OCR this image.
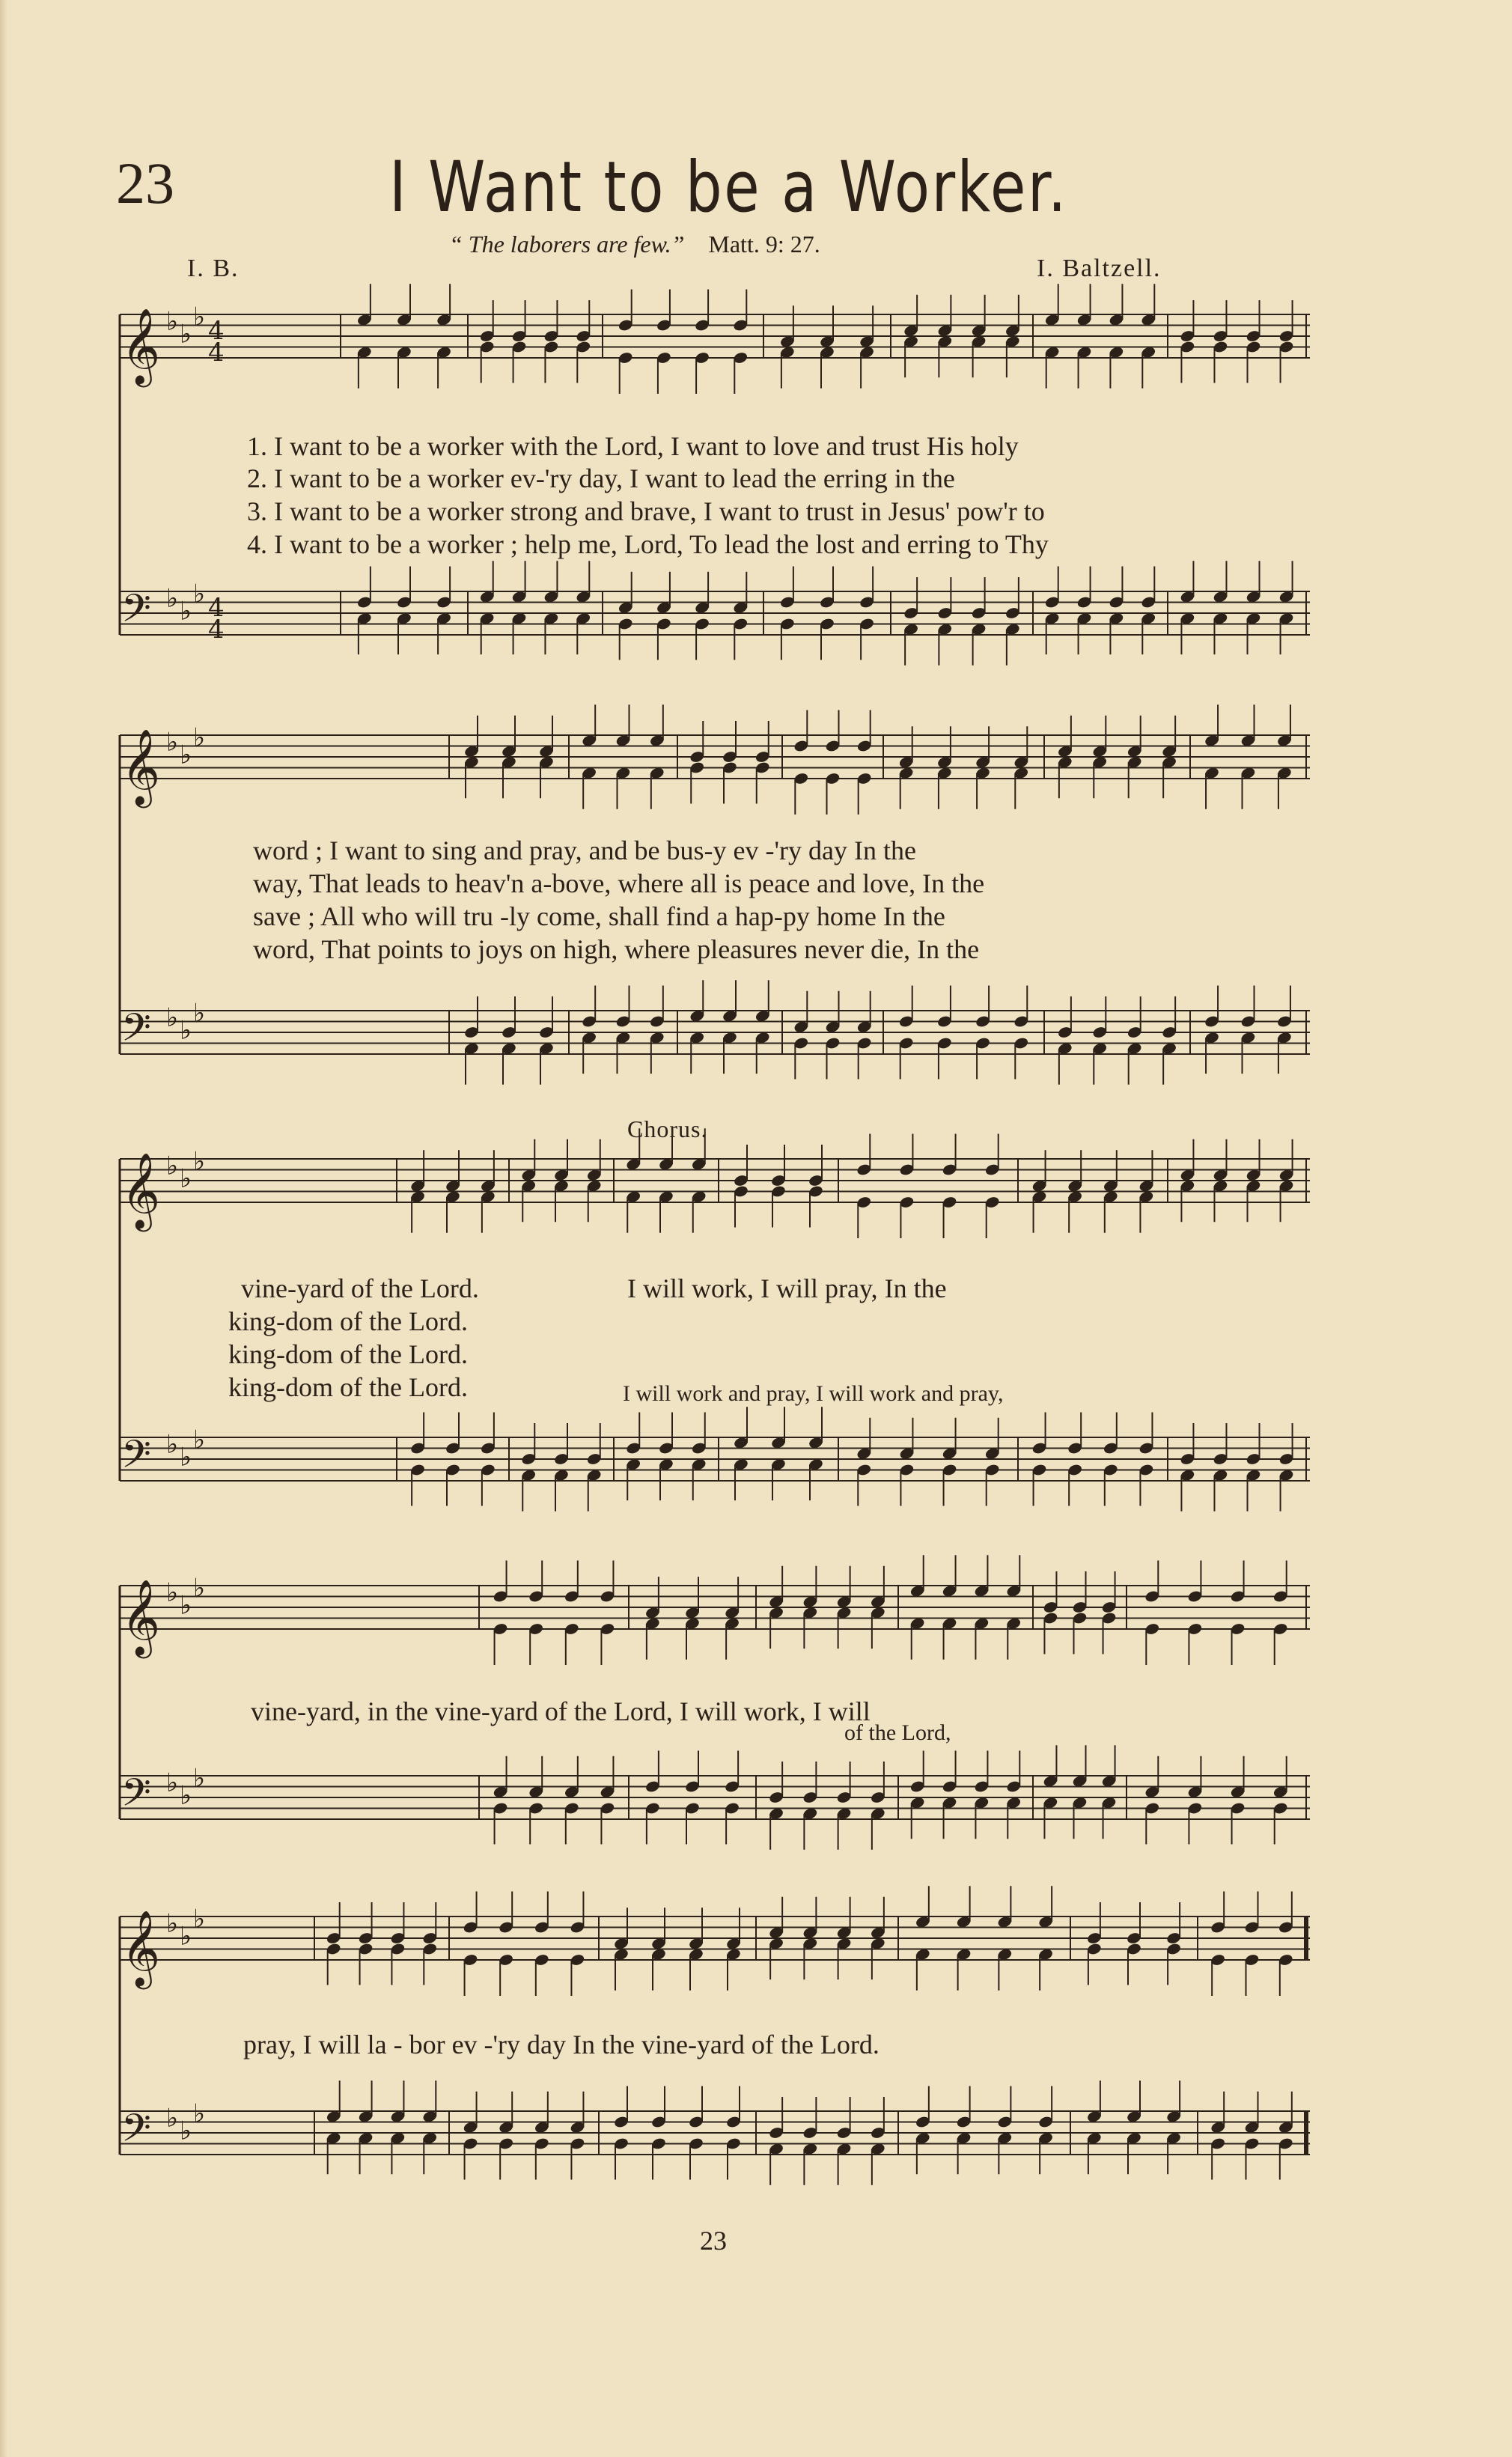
23	I Want to be a Worker.
“ The laborers are few.” Matt. 9: 27.
I. B.	I. Baltzell.
𝄞 ♭ ♭
♭ 4
4
𝄢 ♭ ♭
♭ 4
4
𝄞 ♭ ♭
♭
𝄢 ♭ ♭
♭
𝄞 ♭ ♭
♭
𝄢 ♭ ♭
♭
𝄞 ♭ ♭
♭
𝄢 ♭ ♭
♭
𝄞 ♭ ♭
♭
𝄢 ♭ ♭
♭
1. I want to be a worker with the Lord, I want to love and trust His holy
2. I want to be a worker ev-'ry day, I want to lead the erring in the
3. I want to be a worker strong and brave, I want to trust in Jesus' pow'r to
4. I want to be a worker ; help me, Lord, To lead the lost and erring to Thy
word ; I want to sing and pray, and be bus-y ev -'ry day In the
way, That leads to heav'n a-bove, where all is peace and love, In the
save ; All who will tru -ly come, shall find a hap-py home In the
word, That points to joys on high, where pleasures never die, In the
Chorus.
vine-yard of the Lord.
king-dom of the Lord.
king-dom of the Lord.
king-dom of the Lord.
I will work, I will pray, In the
I will work and pray, I will work and pray,
vine-yard, in the vine-yard of the Lord, I will work, I will
of the Lord,
pray, I will la - bor ev -'ry day In the vine-yard of the Lord.
23
